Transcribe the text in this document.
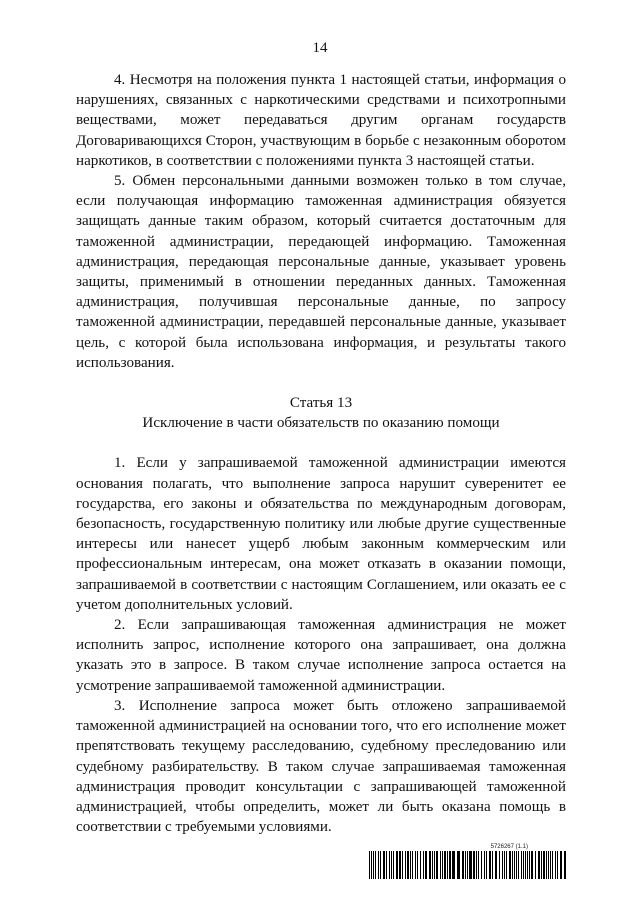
14

4. Несмотря на положения пункта 1 настоящей статьи, информация о нарушениях, связанных с наркотическими средствами и психотропными веществами, может передаваться другим органам государств Договаривающихся Сторон, участвующим в борьбе с незаконным оборотом наркотиков, в соответствии с положениями пункта 3 настоящей статьи.

5. Обмен персональными данными возможен только в том случае, если получающая информацию таможенная администрация обязуется защищать данные таким образом, который считается достаточным для таможенной администрации, передающей информацию. Таможенная администрация, передающая персональные данные, указывает уровень защиты, применимый в отношении переданных данных. Таможенная администрация, получившая персональные данные, по запросу таможенной администрации, передавшей персональные данные, указывает цель, с которой была использована информация, и результаты такого использования.

Статья 13

Исключение в части обязательств по оказанию помощи

1. Если у запрашиваемой таможенной администрации имеются основания полагать, что выполнение запроса нарушит суверенитет ее государства, его законы и обязательства по международным договорам, безопасность, государственную политику или любые другие существенные интересы или нанесет ущерб любым законным коммерческим или профессиональным интересам, она может отказать в оказании помощи, запрашиваемой в соответствии с настоящим Соглашением, или оказать ее с учетом дополнительных условий.

2. Если запрашивающая таможенная администрация не может исполнить запрос, исполнение которого она запрашивает, она должна указать это в запросе. В таком случае исполнение запроса остается на усмотрение запрашиваемой таможенной администрации.

3. Исполнение запроса может быть отложено запрашиваемой таможенной администрацией на основании того, что его исполнение может препятствовать текущему расследованию, судебному преследованию или судебному разбирательству. В таком случае запрашиваемая таможенная администрация проводит консультации с запрашивающей таможенной администрацией, чтобы определить, может ли быть оказана помощь в соответствии с требуемыми условиями.

5726267 (1.1)
